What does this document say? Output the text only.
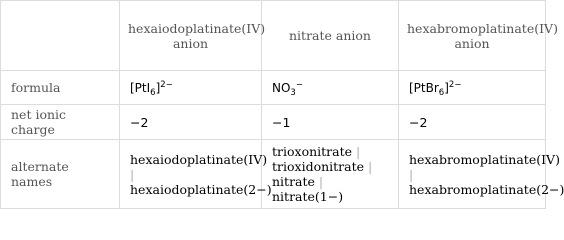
	hexaiodoplatinate(IV) anion	nitrate anion	hexabromoplatinate(IV) anion
formula	$[PtI_6]^{2-}$	$NO_3^-$	[PtBr$_6$]$^{2-}$
net ionic charge	−2	−1	−2
alternate names	hexaiodoplatinate(IV) | hexaiodoplatinate(2−)	trioxonitrate | trioxidonitrate | nitrate | nitrate(1−)	hexabromoplatinate(IV) | hexabromoplatinate(2−)
